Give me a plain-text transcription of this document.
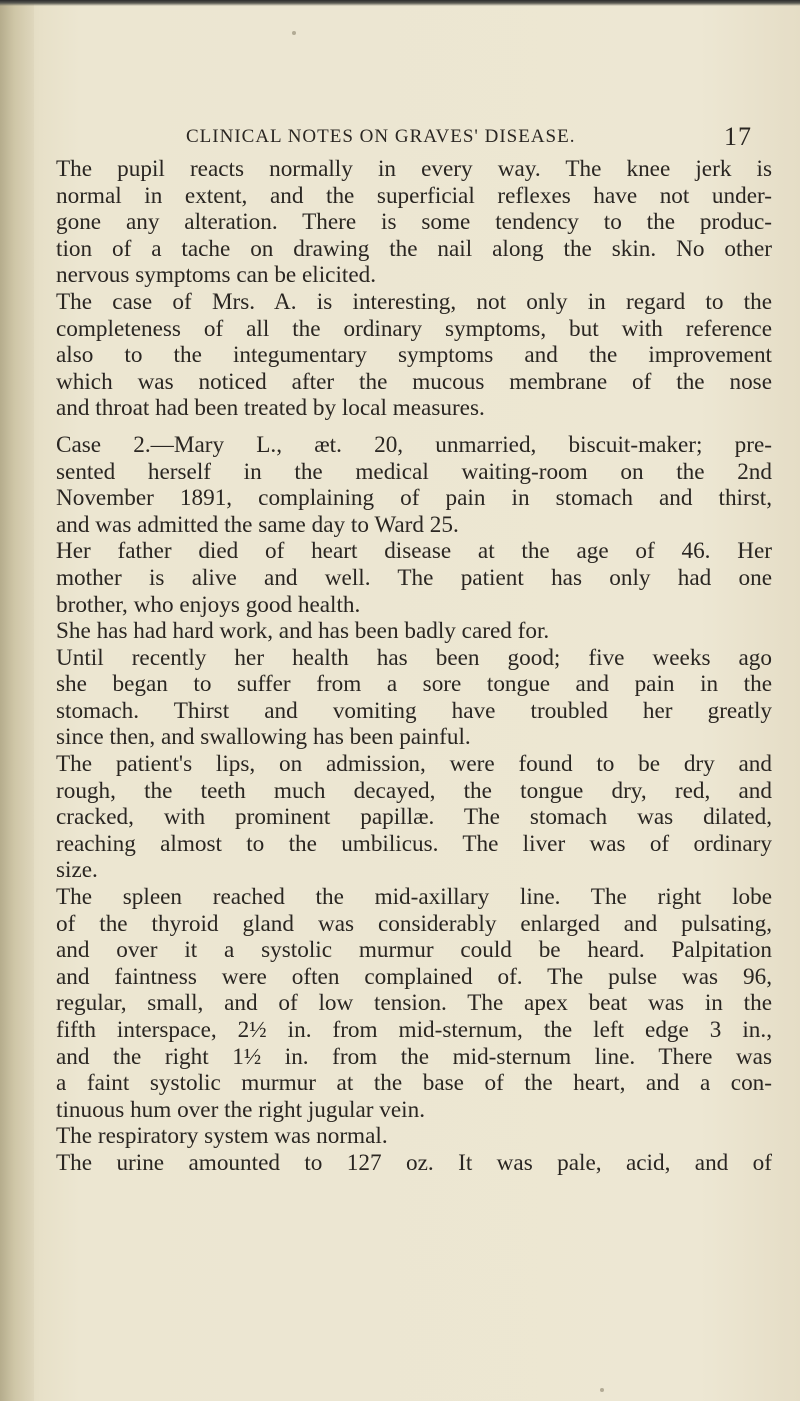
CLINICAL NOTES ON GRAVES' DISEASE.	17
The pupil reacts normally in every way. The knee jerk is
normal in extent, and the superficial reflexes have not under-
gone any alteration. There is some tendency to the produc-
tion of a tache on drawing the nail along the skin. No other
nervous symptoms can be elicited.
The case of Mrs. A. is interesting, not only in regard to the
completeness of all the ordinary symptoms, but with reference
also to the integumentary symptoms and the improvement
which was noticed after the mucous membrane of the nose
and throat had been treated by local measures.
Case 2.—Mary L., æt. 20, unmarried, biscuit-maker; pre-
sented herself in the medical waiting-room on the 2nd
November 1891, complaining of pain in stomach and thirst,
and was admitted the same day to Ward 25.
Her father died of heart disease at the age of 46. Her
mother is alive and well. The patient has only had one
brother, who enjoys good health.
She has had hard work, and has been badly cared for.
Until recently her health has been good; five weeks ago
she began to suffer from a sore tongue and pain in the
stomach. Thirst and vomiting have troubled her greatly
since then, and swallowing has been painful.
The patient's lips, on admission, were found to be dry and
rough, the teeth much decayed, the tongue dry, red, and
cracked, with prominent papillæ. The stomach was dilated,
reaching almost to the umbilicus. The liver was of ordinary
size.
The spleen reached the mid-axillary line. The right lobe
of the thyroid gland was considerably enlarged and pulsating,
and over it a systolic murmur could be heard. Palpitation
and faintness were often complained of. The pulse was 96,
regular, small, and of low tension. The apex beat was in the
fifth interspace, 2½ in. from mid-sternum, the left edge 3 in.,
and the right 1½ in. from the mid-sternum line. There was
a faint systolic murmur at the base of the heart, and a con-
tinuous hum over the right jugular vein.
The respiratory system was normal.
The urine amounted to 127 oz. It was pale, acid, and of
